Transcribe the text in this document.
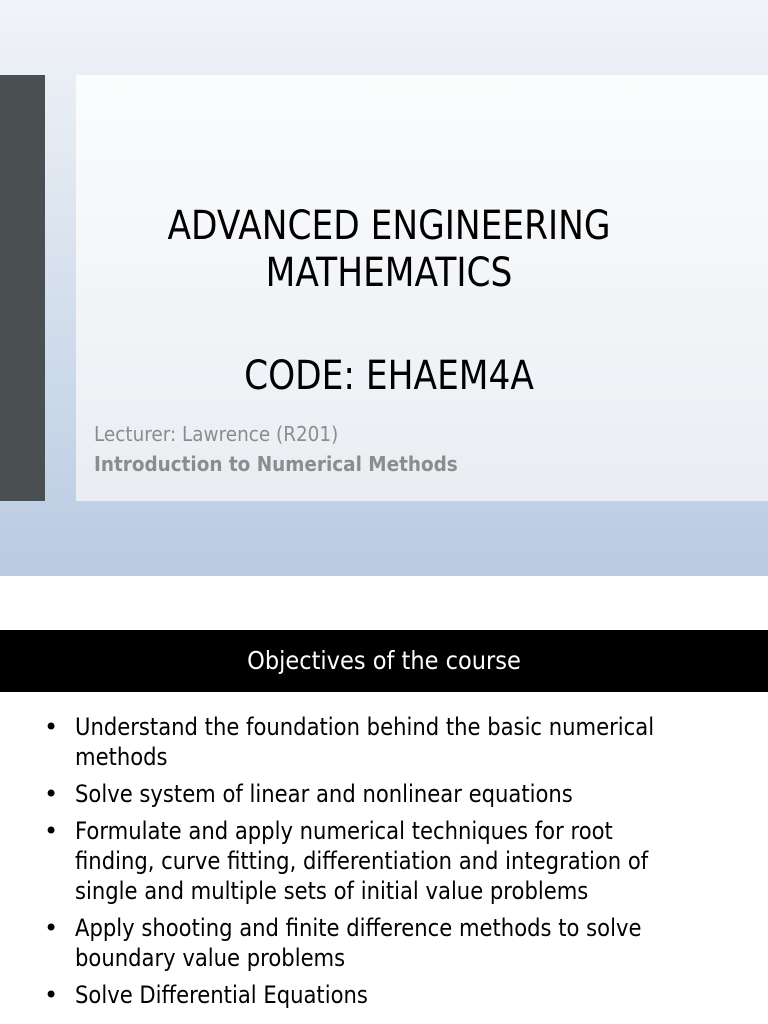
ADVANCED ENGINEERING MATHEMATICS
CODE: EHAEM4A
Lecturer: Lawrence (R201)
Introduction to Numerical Methods
Objectives of the course
• Understand the foundation behind the basic numerical methods
• Solve system of linear and nonlinear equations
• Formulate and apply numerical techniques for root finding, curve fitting, differentiation and integration of single and multiple sets of initial value problems
• Apply shooting and finite difference methods to solve boundary value problems
• Solve Differential Equations
